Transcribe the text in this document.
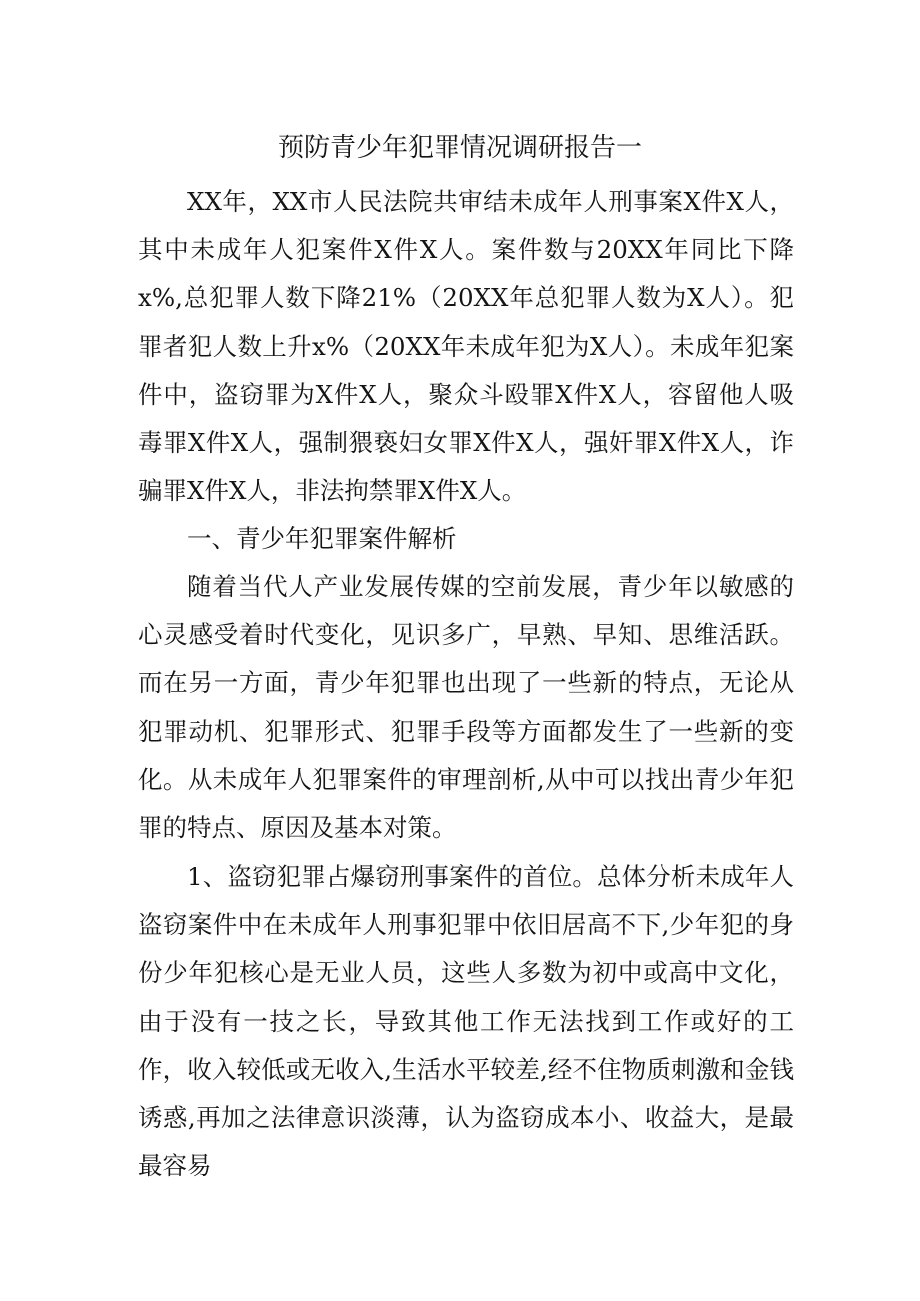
预防青少年犯罪情况调研报告一

XX年，XX市人民法院共审结未成年人刑事案X件X人，其中未成年人犯案件X件X人。案件数与20XX年同比下降x%,总犯罪人数下降21%（20XX年总犯罪人数为X人）。犯罪者犯人数上升x%（20XX年未成年犯为X人）。未成年犯案件中，盗窃罪为X件X人，聚众斗殴罪X件X人，容留他人吸毒罪X件X人，强制猥亵妇女罪X件X人，强奸罪X件X人，诈骗罪X件X人，非法拘禁罪X件X人。

一、青少年犯罪案件解析

随着当代人产业发展传媒的空前发展，青少年以敏感的心灵感受着时代变化，见识多广，早熟、早知、思维活跃。而在另一方面，青少年犯罪也出现了一些新的特点，无论从犯罪动机、犯罪形式、犯罪手段等方面都发生了一些新的变化。从未成年人犯罪案件的审理剖析,从中可以找出青少年犯罪的特点、原因及基本对策。

1、盗窃犯罪占爆窃刑事案件的首位。总体分析未成年人盗窃案件中在未成年人刑事犯罪中依旧居高不下,少年犯的身份少年犯核心是无业人员，这些人多数为初中或高中文化，由于没有一技之长，导致其他工作无法找到工作或好的工作，收入较低或无收入,生活水平较差,经不住物质刺激和金钱诱惑,再加之法律意识淡薄，认为盗窃成本小、收益大，是最最容易
